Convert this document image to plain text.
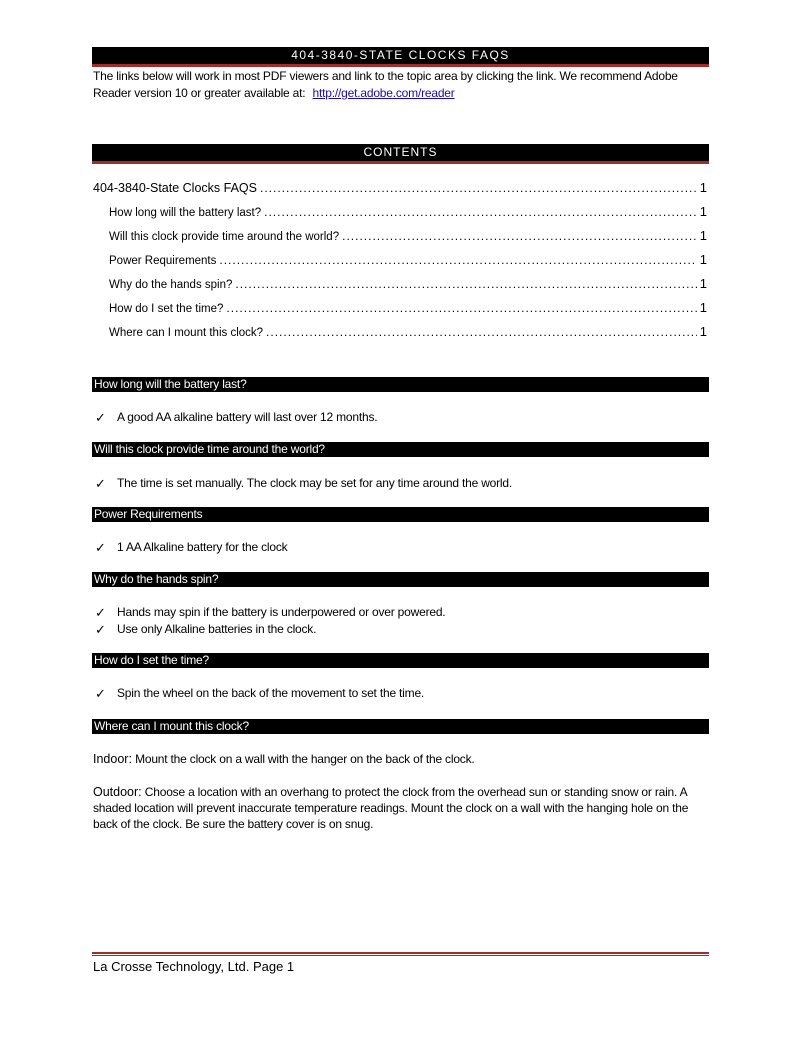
404-3840-STATE CLOCKS FAQS
The links below will work in most PDF viewers and link to the topic area by clicking the link. We recommend Adobe Reader version 10 or greater available at: http://get.adobe.com/reader
CONTENTS
404-3840-State Clocks FAQS .....	1
How long will the battery last? .....	1
Will this clock provide time around the world? .....	1
Power Requirements .....	1
Why do the hands spin? .....	1
How do I set the time? .....	1
Where can I mount this clock? .....	1
How long will the battery last?
✓ A good AA alkaline battery will last over 12 months.
Will this clock provide time around the world?
✓ The time is set manually. The clock may be set for any time around the world.
Power Requirements
✓ 1 AA Alkaline battery for the clock
Why do the hands spin?
✓ Hands may spin if the battery is underpowered or over powered.
✓ Use only Alkaline batteries in the clock.
How do I set the time?
✓ Spin the wheel on the back of the movement to set the time.
Where can I mount this clock?
Indoor: Mount the clock on a wall with the hanger on the back of the clock.
Outdoor: Choose a location with an overhang to protect the clock from the overhead sun or standing snow or rain. A shaded location will prevent inaccurate temperature readings. Mount the clock on a wall with the hanging hole on the back of the clock. Be sure the battery cover is on snug.
La Crosse Technology, Ltd. Page 1
